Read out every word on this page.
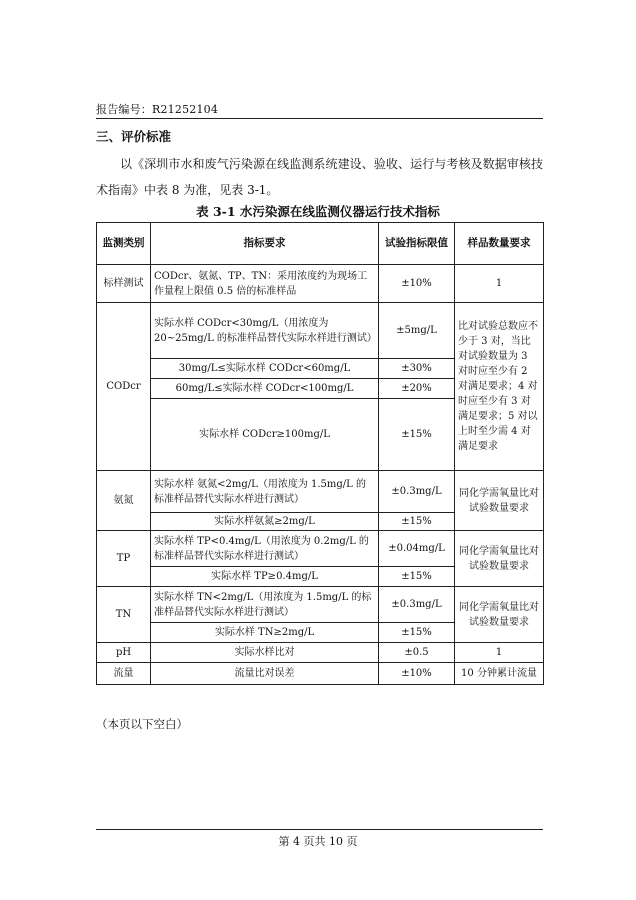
报告编号：R21252104
三、评价标准
以《深圳市水和废气污染源在线监测系统建设、验收、运行与考核及数据审核技术指南》中表 8 为准，见表 3-1。
表 3-1 水污染源在线监测仪器运行技术指标
监测类别	指标要求	试验指标限值	样品数量要求
标样测试	CODcr、氨氮、TP、TN：采用浓度约为现场工作量程上限值 0.5 倍的标准样品	±10%	1
CODcr	实际水样 CODcr<30mg/L（用浓度为 20~25mg/L 的标准样品替代实际水样进行测试）	±5mg/L	比对试验总数应不少于 3 对，当比对试验数量为 3 对时应至少有 2 对满足要求；4 对时应至少有 3 对满足要求；5 对以上时至少需 4 对满足要求
	30mg/L≤实际水样 CODcr<60mg/L	±30%	
	60mg/L≤实际水样 CODcr<100mg/L	±20%	
	实际水样 CODcr≥100mg/L	±15%	
氨氮	实际水样 氨氮<2mg/L（用浓度为 1.5mg/L 的标准样品替代实际水样进行测试）	±0.3mg/L	同化学需氧量比对试验数量要求
	实际水样氨氮≥2mg/L	±15%	
TP	实际水样 TP<0.4mg/L（用浓度为 0.2mg/L 的标准样品替代实际水样进行测试）	±0.04mg/L	同化学需氧量比对试验数量要求
	实际水样 TP≥0.4mg/L	±15%	
TN	实际水样 TN<2mg/L（用浓度为 1.5mg/L 的标准样品替代实际水样进行测试）	±0.3mg/L	同化学需氧量比对试验数量要求
	实际水样 TN≥2mg/L	±15%	
pH	实际水样比对	±0.5	1
流量	流量比对误差	±10%	10 分钟累计流量
（本页以下空白）
第 4 页共 10 页
